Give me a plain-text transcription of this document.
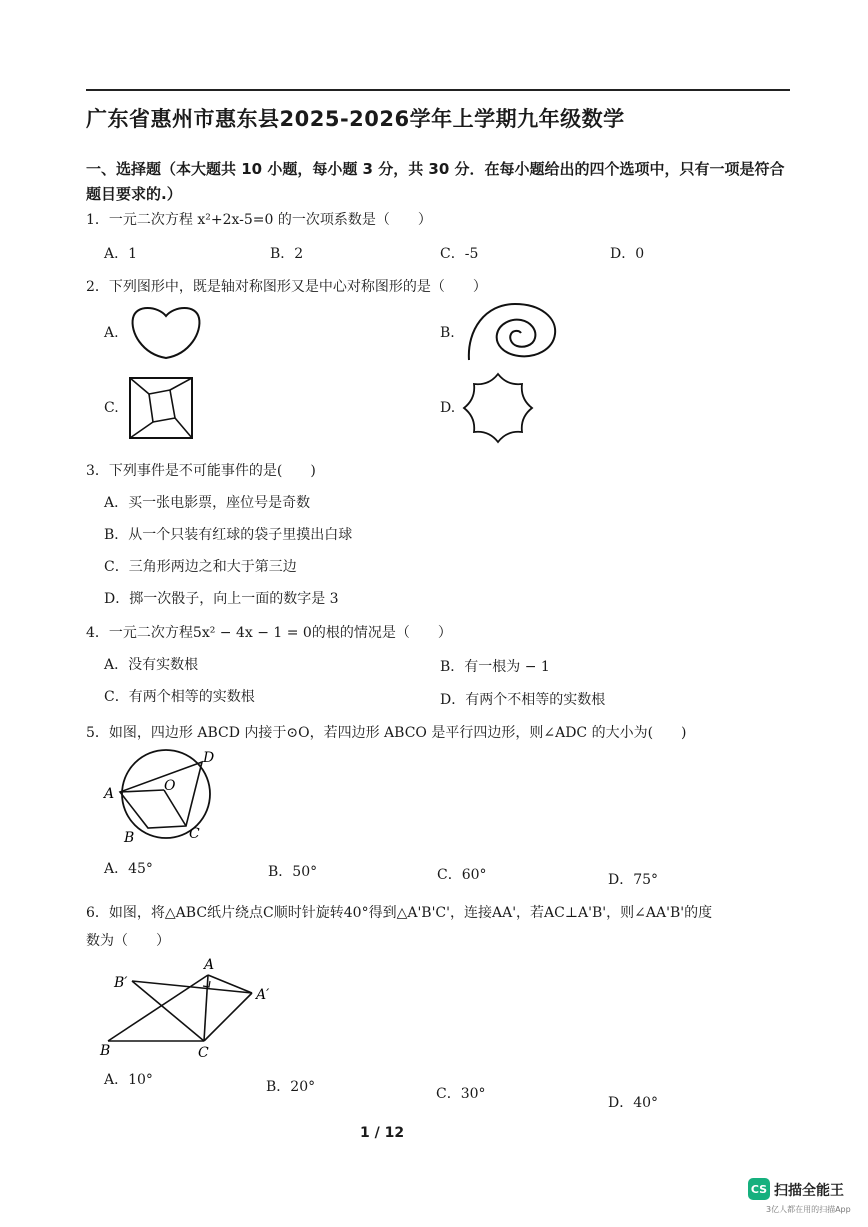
广东省惠州市惠东县2025-2026学年上学期九年级数学
一、选择题（本大题共 10 小题，每小题 3 分，共 30 分．在每小题给出的四个选项中，只有一项是符合题目要求的.）
1．一元二次方程 x²+2x-5=0 的一次项系数是（　　）
A．1	B．2	C．-5	D．0
2．下列图形中，既是轴对称图形又是中心对称图形的是（　　）
A.	B.
C.	D.
3．下列事件是不可能事件的是(　　)
A．买一张电影票，座位号是奇数
B．从一个只装有红球的袋子里摸出白球
C．三角形两边之和大于第三边
D．掷一次骰子，向上一面的数字是 3
4．一元二次方程5x² − 4x − 1 = 0的根的情况是（　　）
A．没有实数根	B．有一根为 − 1
C．有两个相等的实数根	D．有两个不相等的实数根
5．如图，四边形 ABCD 内接于⊙O，若四边形 ABCO 是平行四边形，则∠ADC 的大小为(　　)
A
B	C
D
O
A．45°	B．50°	C．60°	D．75°
6．如图，将△ABC纸片绕点C顺时针旋转40°得到△A'B'C'，连接AA'，若AC⊥A'B'，则∠AA'B'的度
数为（　　）
A
B	C
B′
A′
A．10°	B．20°	C．30°
D．40°
1 / 12
CS 扫描全能王
3亿人都在用的扫描App
